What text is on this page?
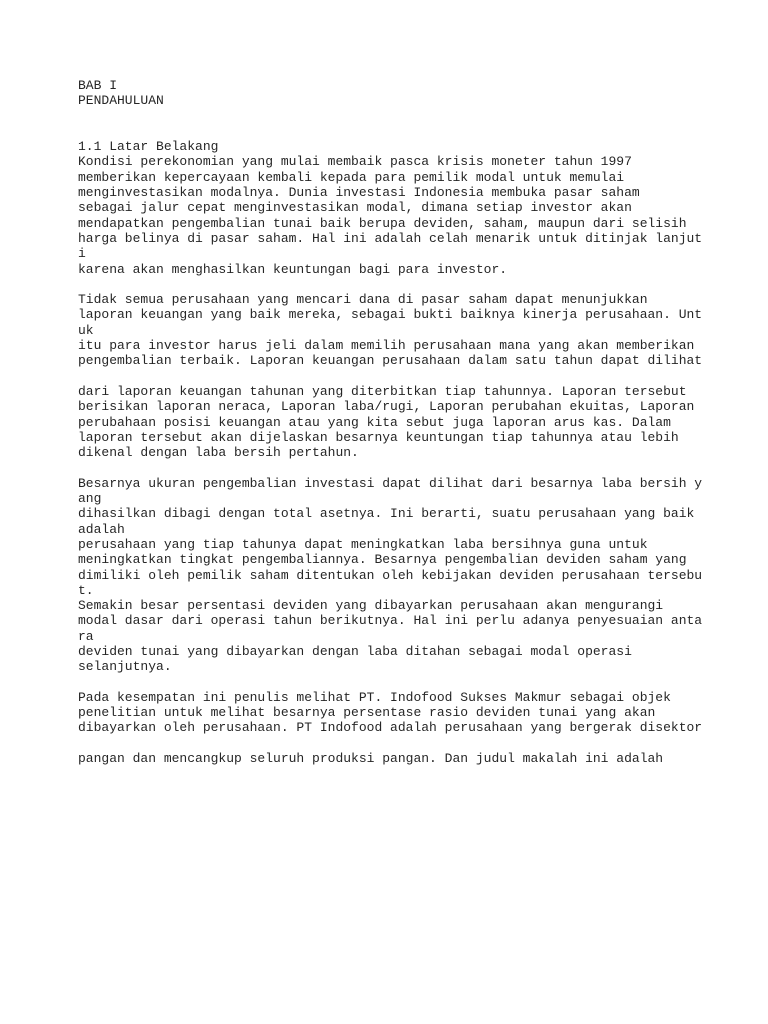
BAB I
PENDAHULUAN
1.1 Latar Belakang
Kondisi perekonomian yang mulai membaik pasca krisis moneter tahun 1997
memberikan kepercayaan kembali kepada para pemilik modal untuk memulai
menginvestasikan modalnya. Dunia investasi Indonesia membuka pasar saham
sebagai jalur cepat menginvestasikan modal, dimana setiap investor akan
mendapatkan pengembalian tunai baik berupa deviden, saham, maupun dari selisih
harga belinya di pasar saham. Hal ini adalah celah menarik untuk ditinjak lanjut
i
karena akan menghasilkan keuntungan bagi para investor.
Tidak semua perusahaan yang mencari dana di pasar saham dapat menunjukkan
laporan keuangan yang baik mereka, sebagai bukti baiknya kinerja perusahaan. Unt
uk
itu para investor harus jeli dalam memilih perusahaan mana yang akan memberikan
pengembalian terbaik. Laporan keuangan perusahaan dalam satu tahun dapat dilihat
dari laporan keuangan tahunan yang diterbitkan tiap tahunnya. Laporan tersebut
berisikan laporan neraca, Laporan laba/rugi, Laporan perubahan ekuitas, Laporan
perubahaan posisi keuangan atau yang kita sebut juga laporan arus kas. Dalam
laporan tersebut akan dijelaskan besarnya keuntungan tiap tahunnya atau lebih
dikenal dengan laba bersih pertahun.
Besarnya ukuran pengembalian investasi dapat dilihat dari besarnya laba bersih y
ang
dihasilkan dibagi dengan total asetnya. Ini berarti, suatu perusahaan yang baik
adalah
perusahaan yang tiap tahunya dapat meningkatkan laba bersihnya guna untuk
meningkatkan tingkat pengembaliannya. Besarnya pengembalian deviden saham yang
dimiliki oleh pemilik saham ditentukan oleh kebijakan deviden perusahaan tersebu
t.
Semakin besar persentasi deviden yang dibayarkan perusahaan akan mengurangi
modal dasar dari operasi tahun berikutnya. Hal ini perlu adanya penyesuaian anta
ra
deviden tunai yang dibayarkan dengan laba ditahan sebagai modal operasi
selanjutnya.
Pada kesempatan ini penulis melihat PT. Indofood Sukses Makmur sebagai objek
penelitian untuk melihat besarnya persentase rasio deviden tunai yang akan
dibayarkan oleh perusahaan. PT Indofood adalah perusahaan yang bergerak disektor
pangan dan mencangkup seluruh produksi pangan. Dan judul makalah ini adalah
